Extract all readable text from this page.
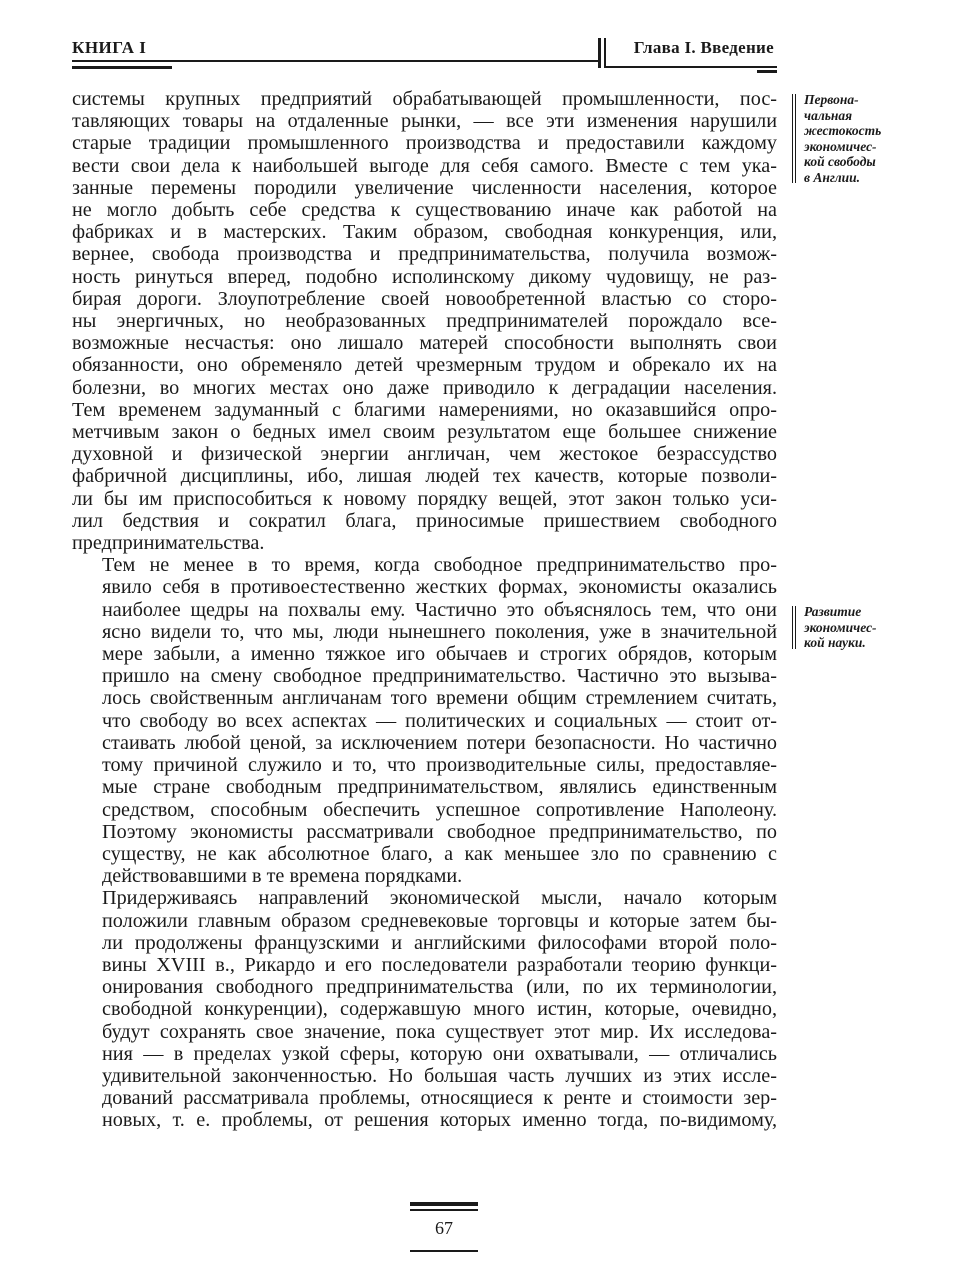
КНИГА I	Глава I. Введение

системы крупных предприятий обрабатывающей промышленности, пос-
тавляющих товары на отдаленные рынки, — все эти изменения нарушили
старые традиции промышленного производства и предоставили каждому
вести свои дела к наибольшей выгоде для себя самого. Вместе с тем ука-
занные перемены породили увеличение численности населения, которое
не могло добыть себе средства к существованию иначе как работой на
фабриках и в мастерских. Таким образом, свободная конкуренция, или,
вернее, свобода производства и предпринимательства, получила возмож-
ность ринуться вперед, подобно исполинскому дикому чудовищу, не раз-
бирая дороги. Злоупотребление своей новообретенной властью со сторо-
ны энергичных, но необразованных предпринимателей порождало все-
возможные несчастья: оно лишало матерей способности выполнять свои
обязанности, оно обременяло детей чрезмерным трудом и обрекало их на
болезни, во многих местах оно даже приводило к деградации населения.
Тем временем задуманный с благими намерениями, но оказавшийся опро-
метчивым закон о бедных имел своим результатом еще большее снижение
духовной и физической энергии англичан, чем жестокое безрассудство
фабричной дисциплины, ибо, лишая людей тех качеств, которые позволи-
ли бы им приспособиться к новому порядку вещей, этот закон только уси-
лил бедствия и сократил блага, приносимые пришествием свободного
предпринимательства.

Тем не менее в то время, когда свободное предпринимательство про-
явило себя в противоестественно жестких формах, экономисты оказались
наиболее щедры на похвалы ему. Частично это объяснялось тем, что они
ясно видели то, что мы, люди нынешнего поколения, уже в значительной
мере забыли, а именно тяжкое иго обычаев и строгих обрядов, которым
пришло на смену свободное предпринимательство. Частично это вызыва-
лось свойственным англичанам того времени общим стремлением считать,
что свободу во всех аспектах — политических и социальных — стоит от-
стаивать любой ценой, за исключением потери безопасности. Но частично
тому причиной служило и то, что производительные силы, предоставляе-
мые стране свободным предпринимательством, являлись единственным
средством, способным обеспечить успешное сопротивление Наполеону.
Поэтому экономисты рассматривали свободное предпринимательство, по
существу, не как абсолютное благо, а как меньшее зло по сравнению с
действовавшими в те времена порядками.

Придерживаясь направлений экономической мысли, начало которым
положили главным образом средневековые торговцы и которые затем бы-
ли продолжены французскими и английскими философами второй поло-
вины XVIII в., Рикардо и его последователи разработали теорию функци-
онирования свободного предпринимательства (или, по их терминологии,
свободной конкуренции), содержавшую много истин, которые, очевидно,
будут сохранять свое значение, пока существует этот мир. Их исследова-
ния — в пределах узкой сферы, которую они охватывали, — отличались
удивительной законченностью. Но большая часть лучших из этих иссле-
дований рассматривала проблемы, относящиеся к ренте и стоимости зер-
новых, т. е. проблемы, от решения которых именно тогда, по-видимому,

Первона-
чальная
жестокость
экономичес-
кой свободы
в Англии.
Развитие
экономичес-
кой науки.
67
